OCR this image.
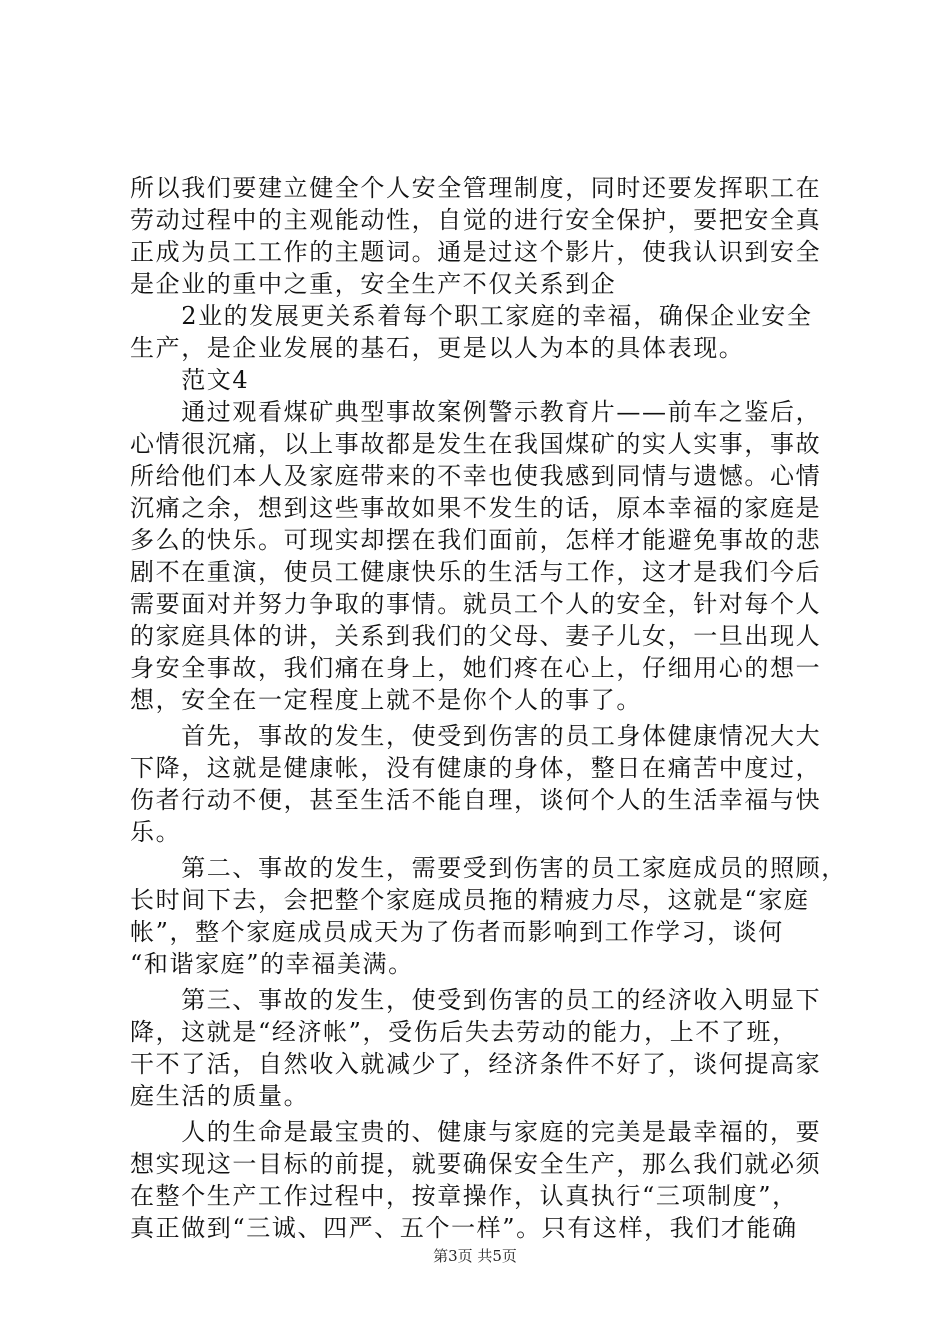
所以我们要建立健全个人安全管理制度，同时还要发挥职工在
劳动过程中的主观能动性，自觉的进行安全保护，要把安全真
正成为员工工作的主题词。通是过这个影片，使我认识到安全
是企业的重中之重，安全生产不仅关系到企
　　2业的发展更关系着每个职工家庭的幸福，确保企业安全
生产，是企业发展的基石，更是以人为本的具体表现。
　　范文4
　　通过观看煤矿典型事故案例警示教育片——前车之鉴后，
心情很沉痛，以上事故都是发生在我国煤矿的实人实事，事故
所给他们本人及家庭带来的不幸也使我感到同情与遗憾。心情
沉痛之余，想到这些事故如果不发生的话，原本幸福的家庭是
多么的快乐。可现实却摆在我们面前，怎样才能避免事故的悲
剧不在重演，使员工健康快乐的生活与工作，这才是我们今后
需要面对并努力争取的事情。就员工个人的安全，针对每个人
的家庭具体的讲，关系到我们的父母、妻子儿女，一旦出现人
身安全事故，我们痛在身上，她们疼在心上，仔细用心的想一
想，安全在一定程度上就不是你个人的事了。
　　首先，事故的发生，使受到伤害的员工身体健康情况大大
下降，这就是健康帐，没有健康的身体，整日在痛苦中度过，
伤者行动不便，甚至生活不能自理，谈何个人的生活幸福与快
乐。
　　第二、事故的发生，需要受到伤害的员工家庭成员的照顾，
长时间下去，会把整个家庭成员拖的精疲力尽，这就是“家庭
帐”，整个家庭成员成天为了伤者而影响到工作学习，谈何
“和谐家庭”的幸福美满。
　　第三、事故的发生，使受到伤害的员工的经济收入明显下
降，这就是“经济帐”，受伤后失去劳动的能力，上不了班，
干不了活，自然收入就减少了，经济条件不好了，谈何提高家
庭生活的质量。
　　人的生命是最宝贵的、健康与家庭的完美是最幸福的，要
想实现这一目标的前提，就要确保安全生产，那么我们就必须
在整个生产工作过程中，按章操作，认真执行“三项制度”，
真正做到“三诚、四严、五个一样”。只有这样，我们才能确
第3页 共5页
